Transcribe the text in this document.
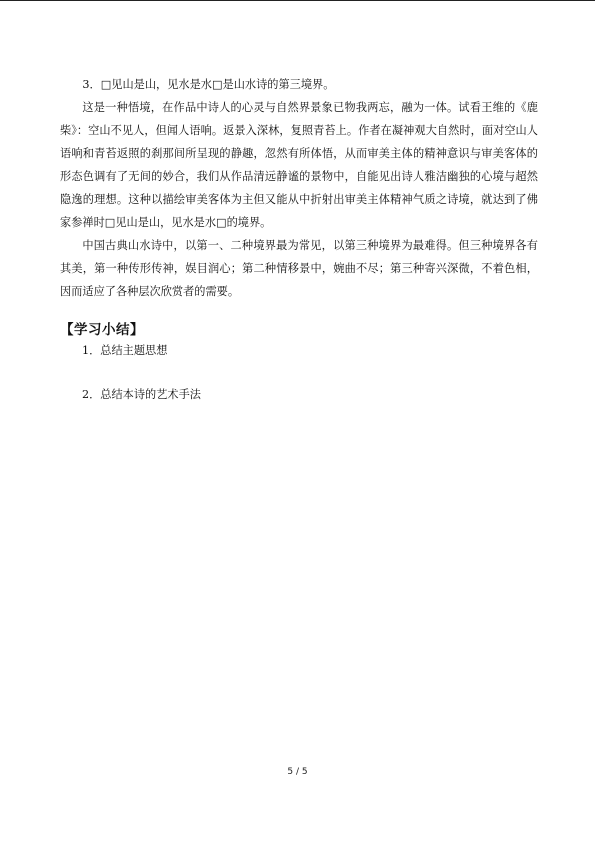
3．□见山是山，见水是水□是山水诗的第三境界。

这是一种悟境，在作品中诗人的心灵与自然界景象已物我两忘，融为一体。试看王维的《鹿柴》：空山不见人，但闻人语响。返景入深林，复照青苔上。作者在凝神观大自然时，面对空山人语响和青苔返照的刹那间所呈现的静趣，忽然有所体悟，从而审美主体的精神意识与审美客体的形态色调有了无间的妙合，我们从作品清远静谧的景物中，自能见出诗人雅洁幽独的心境与超然隐逸的理想。这种以描绘审美客体为主但又能从中折射出审美主体精神气质之诗境，就达到了佛家参禅时□见山是山，见水是水□的境界。

中国古典山水诗中，以第一、二种境界最为常见，以第三种境界为最难得。但三种境界各有其美，第一种传形传神，娱目润心；第二种情移景中，婉曲不尽；第三种寄兴深微，不着色相，因而适应了各种层次欣赏者的需要。

【学习小结】
1．总结主题思想
2．总结本诗的艺术手法
5 / 5
